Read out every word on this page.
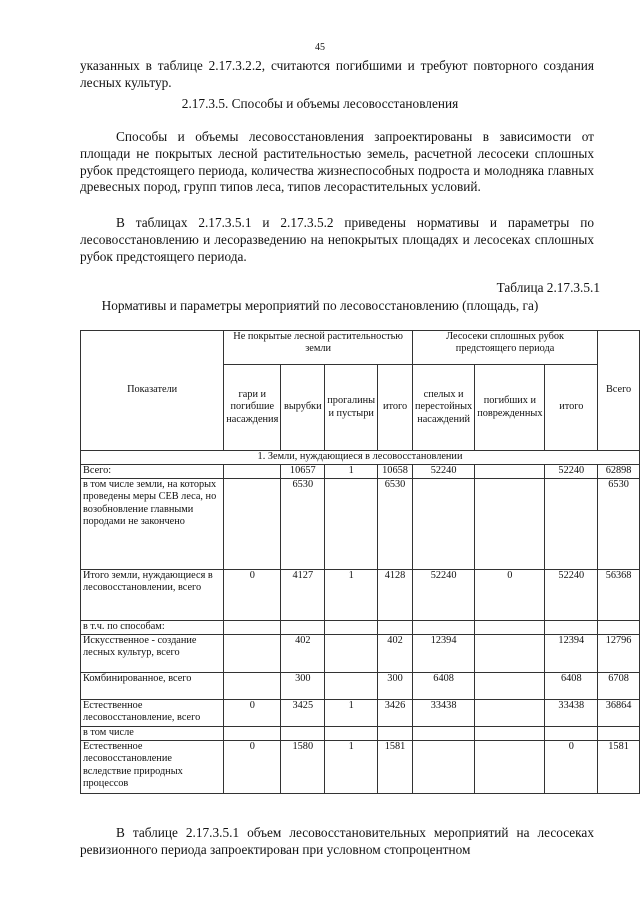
45

указанных в таблице 2.17.3.2.2, считаются погибшими и требуют повторного создания лесных культур.

2.17.3.5. Способы и объемы лесовосстановления

Способы и объемы лесовосстановления запроектированы в зависимости от площади не покрытых лесной растительностью земель, расчетной лесосеки сплошных рубок предстоящего периода, количества жизнеспособных подроста и молодняка главных древесных пород, групп типов леса, типов лесорастительных условий.

В таблицах 2.17.3.5.1 и 2.17.3.5.2 приведены нормативы и параметры по лесовосстановлению и лесоразведению на непокрытых площадях и лесосеках сплошных рубок предстоящего периода.

Таблица 2.17.3.5.1
Нормативы и параметры мероприятий по лесовосстановлению (площадь, га)
Показатели	Не покрытые лесной растительностью земли				Лесосеки сплошных рубок предстоящего периода			Всего
	гари и погибшие насаждения	вырубки	прогалины и пустыри	итого	спелых и перестойных насаждений	погибших и поврежденных	итого	
1. Земли, нуждающиеся в лесовосстановлении								
Всего:		10657	1	10658	52240		52240	62898
в том числе земли, на которых проведены меры СЕВ леса, но возобновление главными породами не закончено		6530		6530				6530
Итого земли, нуждающиеся в лесовосстановлении, всего	0	4127	1	4128	52240	0	52240	56368
в т.ч. по способам:								
Искусственное - создание лесных культур, всего		402		402	12394		12394	12796
Комбинированное, всего		300		300	6408		6408	6708
Естественное лесовосстановление, всего	0	3425	1	3426	33438		33438	36864
в том числе								
Естественное лесовосстановление вследствие природных процессов	0	1580	1	1581			0	1581

В таблице 2.17.3.5.1 объем лесовосстановительных мероприятий на лесосеках ревизионного периода запроектирован при условном стопроцентном
